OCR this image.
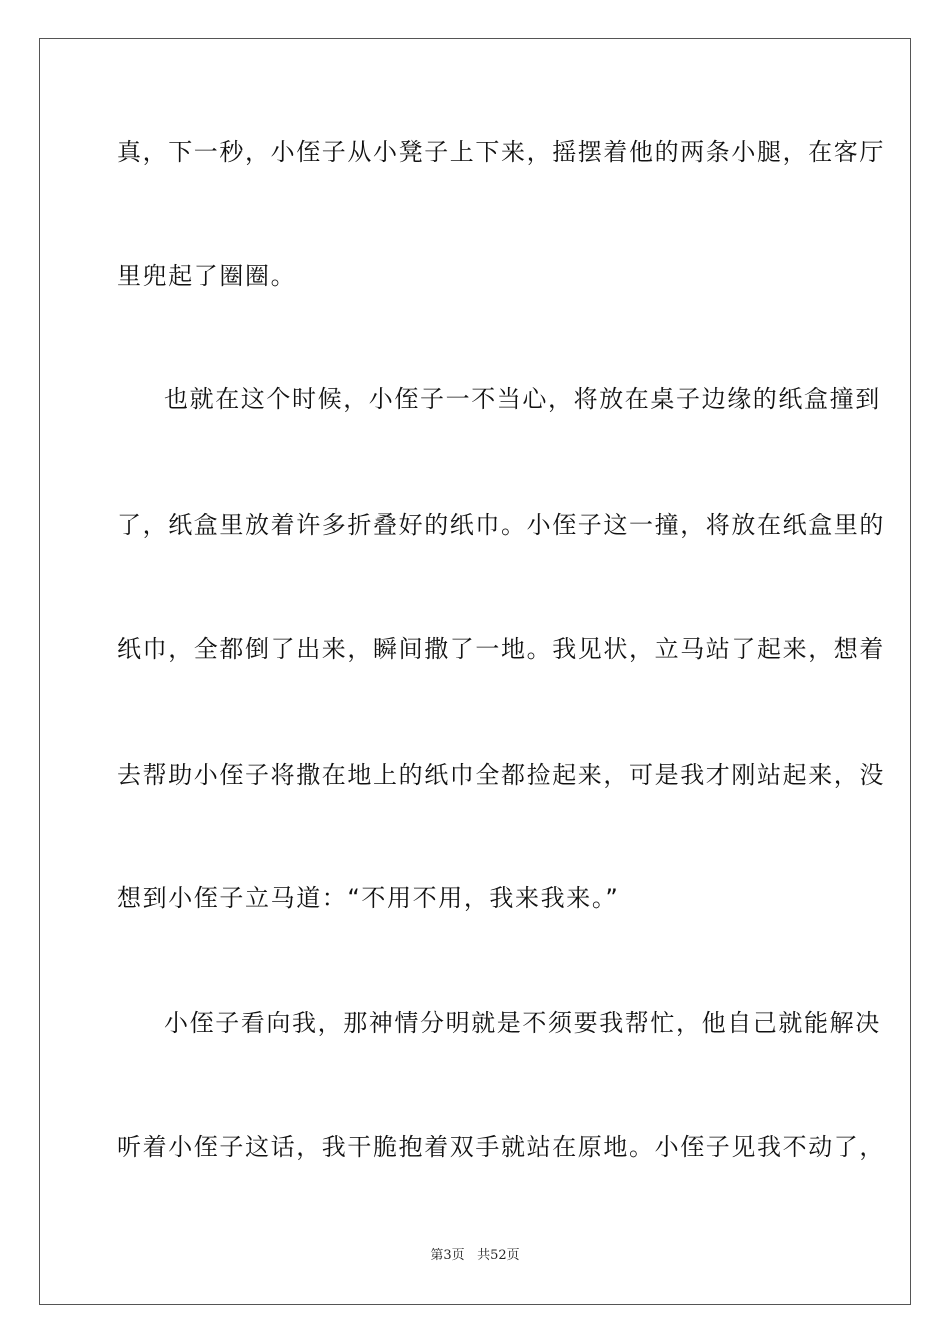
真，下一秒，小侄子从小凳子上下来，摇摆着他的两条小腿，在客厅
里兜起了圈圈。
也就在这个时候，小侄子一不当心，将放在桌子边缘的纸盒撞到
了，纸盒里放着许多折叠好的纸巾。小侄子这一撞，将放在纸盒里的
纸巾，全都倒了出来，瞬间撒了一地。我见状，立马站了起来，想着
去帮助小侄子将撒在地上的纸巾全都捡起来，可是我才刚站起来，没
想到小侄子立马道：“不用不用，我来我来。”
小侄子看向我，那神情分明就是不须要我帮忙，他自己就能解决
听着小侄子这话，我干脆抱着双手就站在原地。小侄子见我不动了，
第3页 共52页
